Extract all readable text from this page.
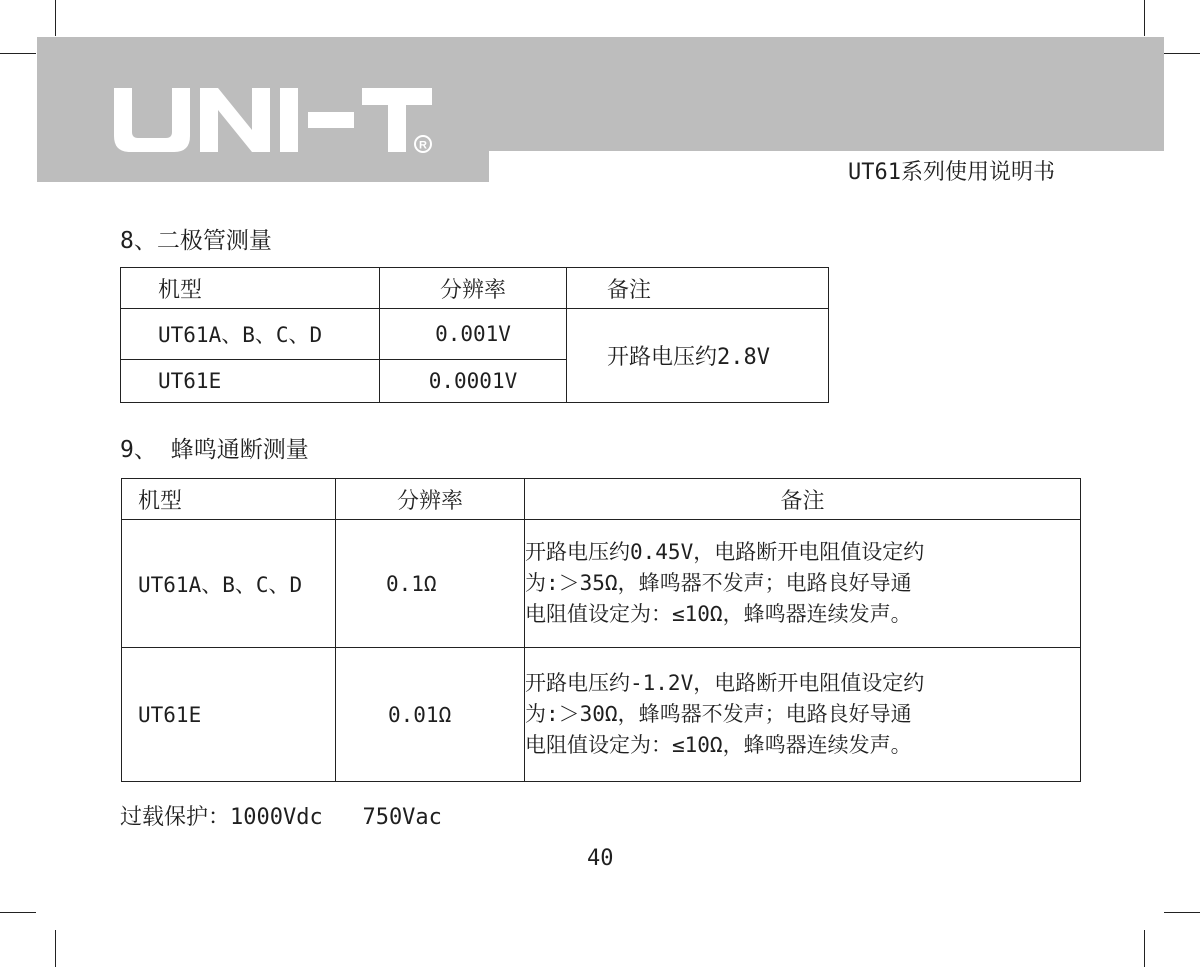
R
UT61系列使用说明书
8、二极管测量
机型	分辨率	备注
UT61A、B、C、D	0.001V	开路电压约2.8V
UT61E	0.0001V	
9、 蜂鸣通断测量
机型	分辨率	备注
UT61A、B、C、D	0.1Ω	开路电压约0.45V，电路断开电阻值设定约
为:＞35Ω，蜂鸣器不发声；电路良好导通
电阻值设定为：≤10Ω，蜂鸣器连续发声。
UT61E	0.01Ω	开路电压约-1.2V，电路断开电阻值设定约
为:＞30Ω，蜂鸣器不发声；电路良好导通
电阻值设定为：≤10Ω，蜂鸣器连续发声。
过载保护：1000Vdc   750Vac
40
